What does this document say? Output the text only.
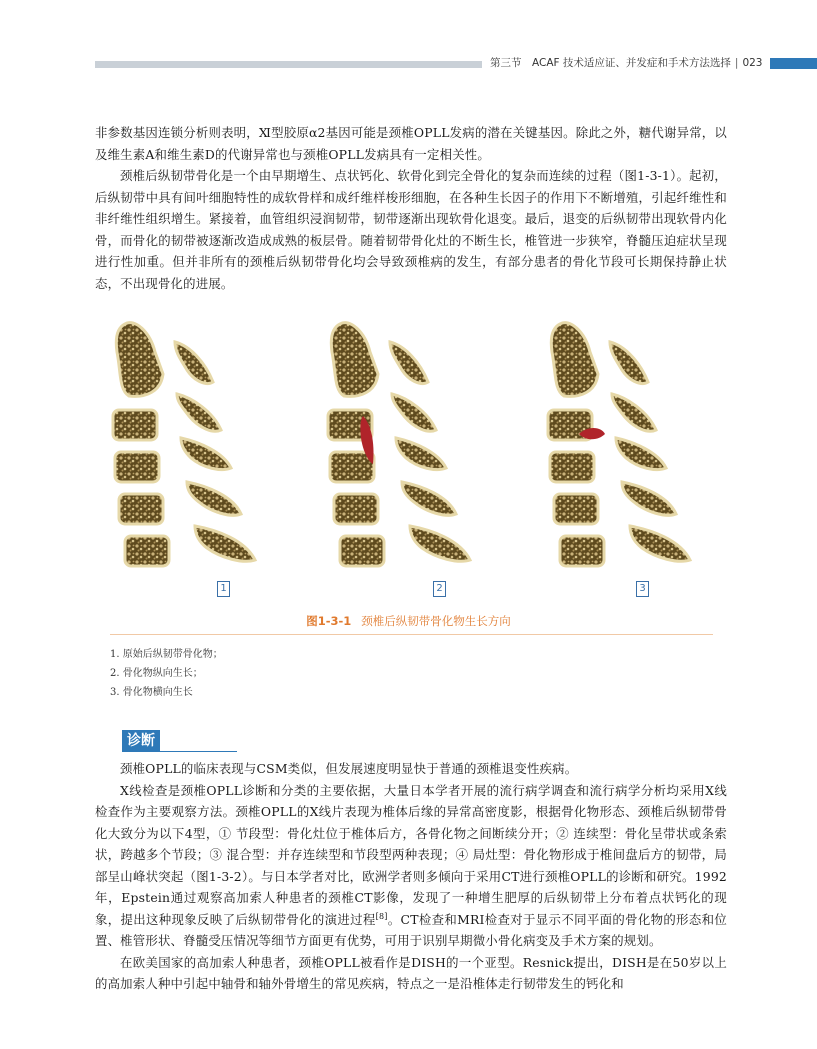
第三节　ACAF 技术适应证、并发症和手术方法选择 | 023

非参数基因连锁分析则表明，Ⅺ型胶原α2基因可能是颈椎OPLL发病的潜在关键基因。除此之外，糖代谢异常，以及维生素A和维生素D的代谢异常也与颈椎OPLL发病具有一定相关性。

颈椎后纵韧带骨化是一个由早期增生、点状钙化、软骨化到完全骨化的复杂而连续的过程（图1-3-1）。起初，后纵韧带中具有间叶细胞特性的成软骨样和成纤维样梭形细胞，在各种生长因子的作用下不断增殖，引起纤维性和非纤维性组织增生。紧接着，血管组织浸润韧带，韧带逐渐出现软骨化退变。最后，退变的后纵韧带出现软骨内化骨，而骨化的韧带被逐渐改造成成熟的板层骨。随着韧带骨化灶的不断生长，椎管进一步狭窄，脊髓压迫症状呈现进行性加重。但并非所有的颈椎后纵韧带骨化均会导致颈椎病的发生，有部分患者的骨化节段可长期保持静止状态，不出现骨化的进展。

1	2	3
图1-3-1 颈椎后纵韧带骨化物生长方向
1. 原始后纵韧带骨化物；
2. 骨化物纵向生长；
3. 骨化物横向生长
诊断

颈椎OPLL的临床表现与CSM类似，但发展速度明显快于普通的颈椎退变性疾病。

X线检查是颈椎OPLL诊断和分类的主要依据，大量日本学者开展的流行病学调查和流行病学分析均采用X线检查作为主要观察方法。颈椎OPLL的X线片表现为椎体后缘的异常高密度影，根据骨化物形态、颈椎后纵韧带骨化大致分为以下4型，① 节段型：骨化灶位于椎体后方，各骨化物之间断续分开；② 连续型：骨化呈带状或条索状，跨越多个节段；③ 混合型：并存连续型和节段型两种表现；④ 局灶型：骨化物形成于椎间盘后方的韧带，局部呈山峰状突起（图1-3-2）。与日本学者对比，欧洲学者则多倾向于采用CT进行颈椎OPLL的诊断和研究。1992年，Epstein通过观察高加索人种患者的颈椎CT影像，发现了一种增生肥厚的后纵韧带上分布着点状钙化的现象，提出这种现象反映了后纵韧带骨化的演进过程[8]。CT检查和MRI检查对于显示不同平面的骨化物的形态和位置、椎管形状、脊髓受压情况等细节方面更有优势，可用于识别早期微小骨化病变及手术方案的规划。

在欧美国家的高加索人种患者，颈椎OPLL被看作是DISH的一个亚型。Resnick提出，DISH是在50岁以上的高加索人种中引起中轴骨和轴外骨增生的常见疾病，特点之一是沿椎体走行韧带发生的钙化和
